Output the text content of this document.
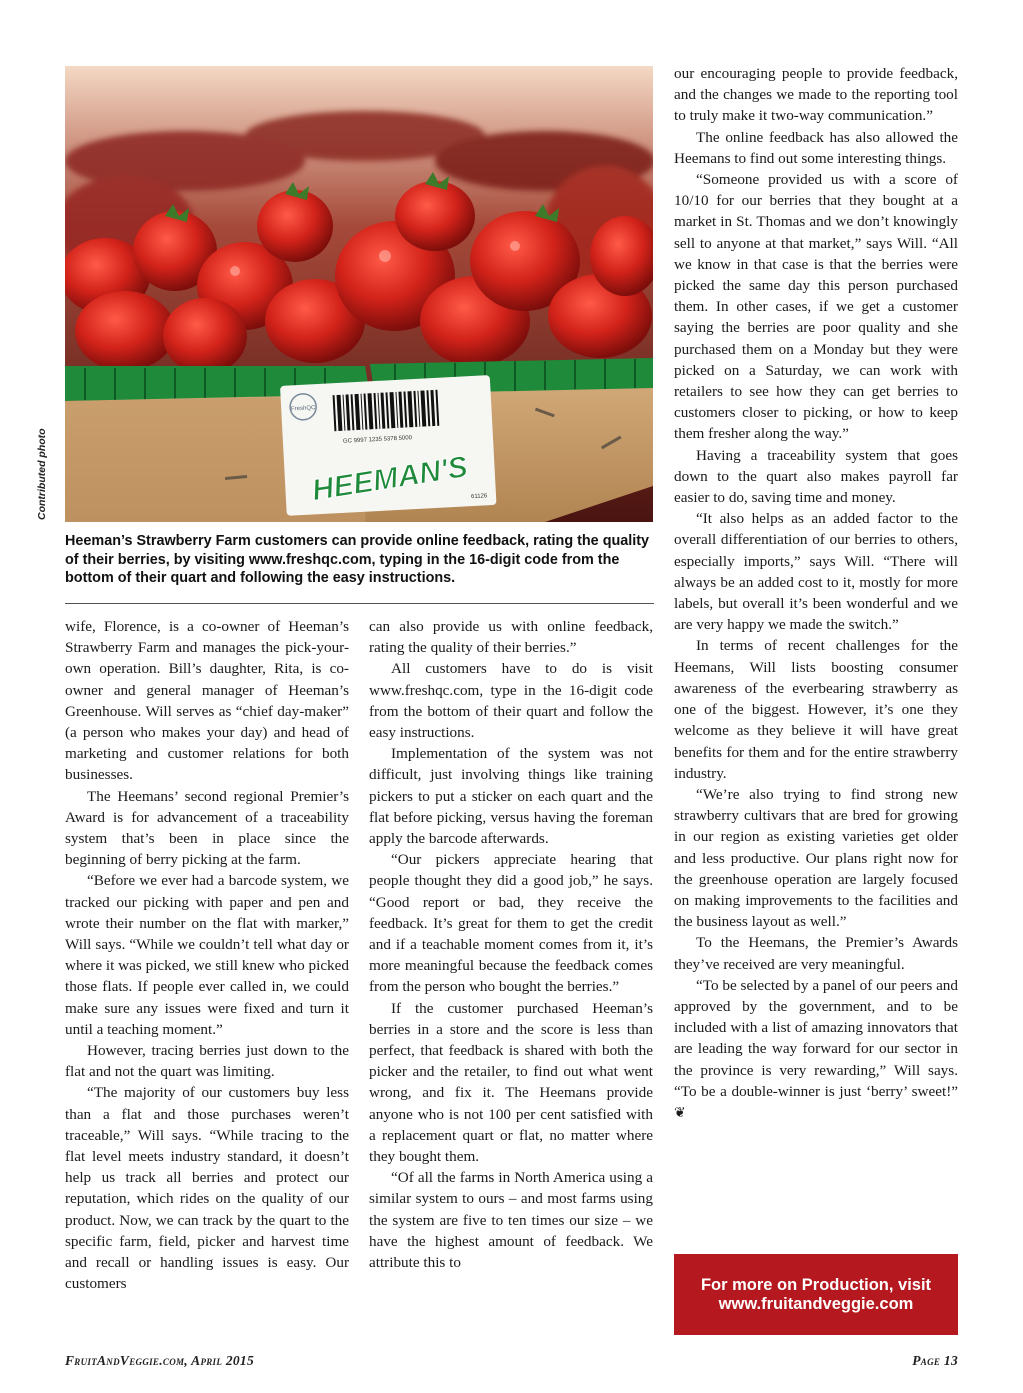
FreshQC
GC 9997 1235 5378 5000
HEEMAN'S 61126
Contributed photo
Heeman’s Strawberry Farm customers can provide online feedback, rating the quality of their berries, by visiting www.freshqc.com, typing in the 16-digit code from the bottom of their quart and following the easy instructions.

wife, Florence, is a co-owner of Heeman’s Strawberry Farm and manages the pick-your-own operation. Bill’s daughter, Rita, is co-owner and general manager of Heeman’s Greenhouse. Will serves as “chief day-maker” (a person who makes your day) and head of marketing and customer relations for both businesses.

The Heemans’ second regional Premier’s Award is for advancement of a traceability system that’s been in place since the beginning of berry picking at the farm.

“Before we ever had a barcode system, we tracked our picking with paper and pen and wrote their number on the flat with marker,” Will says. “While we couldn’t tell what day or where it was picked, we still knew who picked those flats. If people ever called in, we could make sure any issues were fixed and turn it until a teaching moment.”

However, tracing berries just down to the flat and not the quart was limiting.

“The majority of our customers buy less than a flat and those purchases weren’t traceable,” Will says. “While tracing to the flat level meets industry standard, it doesn’t help us track all berries and protect our reputation, which rides on the quality of our product. Now, we can track by the quart to the specific farm, field, picker and harvest time and recall or handling issues is easy. Our customers

can also provide us with online feedback, rating the quality of their berries.”

All customers have to do is visit www.freshqc.com, type in the 16-digit code from the bottom of their quart and follow the easy instructions.

Implementation of the system was not difficult, just involving things like training pickers to put a sticker on each quart and the flat before picking, versus having the foreman apply the barcode afterwards.

“Our pickers appreciate hearing that people thought they did a good job,” he says. “Good report or bad, they receive the feedback. It’s great for them to get the credit and if a teachable moment comes from it, it’s more meaningful because the feedback comes from the person who bought the berries.”

If the customer purchased Heeman’s berries in a store and the score is less than perfect, that feedback is shared with both the picker and the retailer, to find out what went wrong, and fix it. The Heemans provide anyone who is not 100 per cent satisfied with a replacement quart or flat, no matter where they bought them.

“Of all the farms in North America using a similar system to ours – and most farms using the system are five to ten times our size – we have the highest amount of feedback. We attribute this to

our encouraging people to provide feedback, and the changes we made to the reporting tool to truly make it two-way communication.”

The online feedback has also allowed the Heemans to find out some interesting things.

“Someone provided us with a score of 10/10 for our berries that they bought at a market in St. Thomas and we don’t knowingly sell to anyone at that market,” says Will. “All we know in that case is that the berries were picked the same day this person purchased them. In other cases, if we get a customer saying the berries are poor quality and she purchased them on a Monday but they were picked on a Saturday, we can work with retailers to see how they can get berries to customers closer to picking, or how to keep them fresher along the way.”

Having a traceability system that goes down to the quart also makes payroll far easier to do, saving time and money.

“It also helps as an added factor to the overall differentiation of our berries to others, especially imports,” says Will. “There will always be an added cost to it, mostly for more labels, but overall it’s been wonderful and we are very happy we made the switch.”

In terms of recent challenges for the Heemans, Will lists boosting consumer awareness of the everbearing strawberry as one of the biggest. However, it’s one they welcome as they believe it will have great benefits for them and for the entire strawberry industry.

“We’re also trying to find strong new strawberry cultivars that are bred for growing in our region as existing varieties get older and less productive. Our plans right now for the greenhouse operation are largely focused on making improvements to the facilities and the business layout as well.”

To the Heemans, the Premier’s Awards they’ve received are very meaningful.

“To be selected by a panel of our peers and approved by the government, and to be included with a list of amazing innovators that are leading the way forward for our sector in the province is very rewarding,” Will says. “To be a double-winner is just ‘berry’ sweet!” ❦

For more on Production, visit
www.fruitandveggie.com
FruitAndVeggie.com, April 2015	Page 13
